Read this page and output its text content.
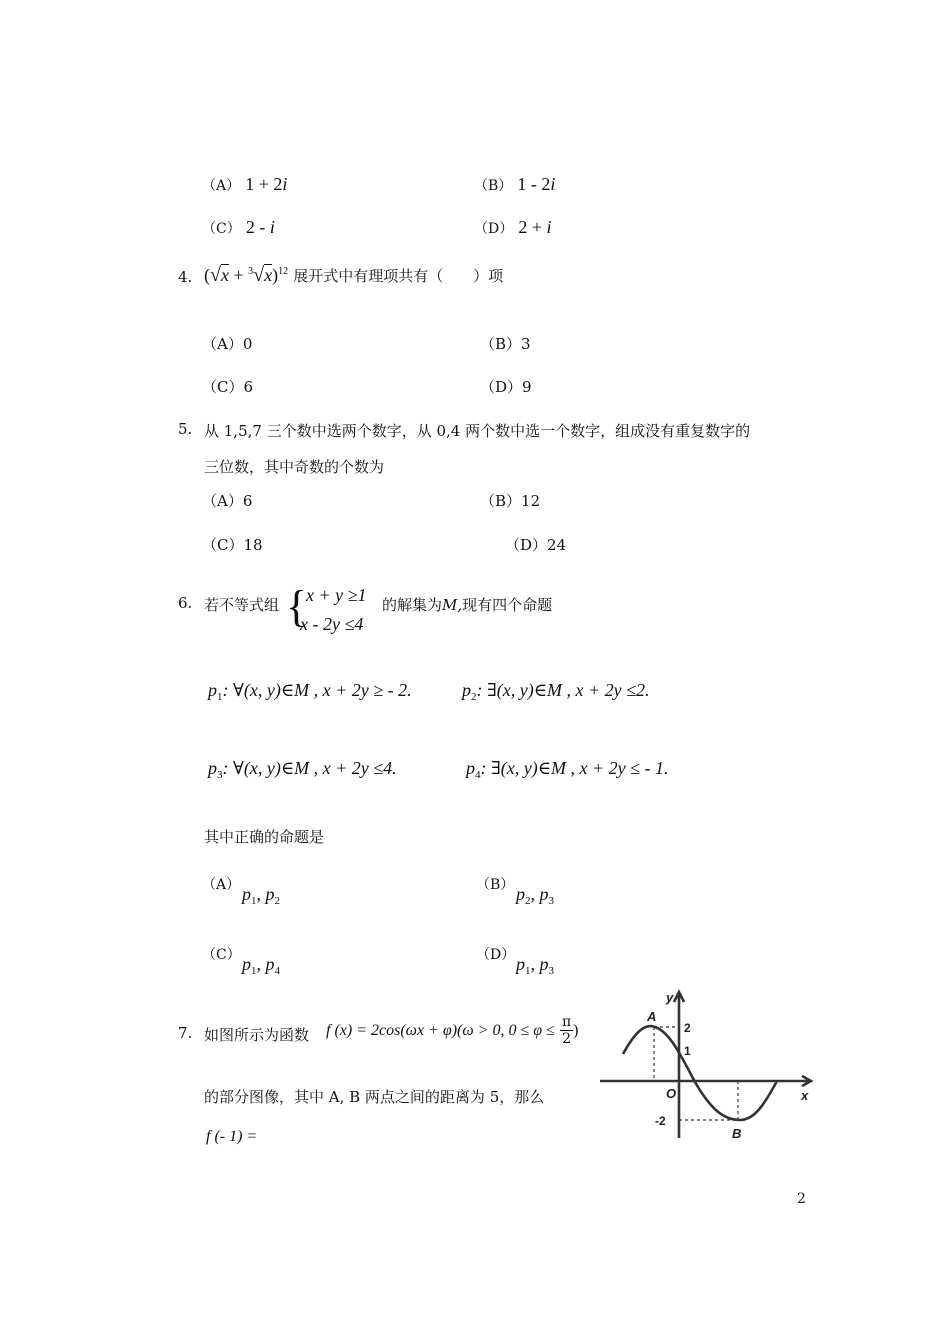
（A） 1 + 2i	（B） 1 - 2i
（C） 2 - i	（D） 2 + i
4. $(√x + ^3√x)^{12}$ 展开式中有理项共有（　　）项
（A）0	（B）3
（C）6	（D）9
5. 从 1,5,7 三个数中选两个数字，从 0,4 两个数中选一个数字，组成没有重复数字的
三位数，其中奇数的个数为
（A）6	（B）12
（C）18	（D）24
6. 若不等式组 {
x + y ≥1
x - 2y ≤4
的解集为M,现有四个命题
$p_1$: ∀(x, y)∈M , x + 2y ≥ - 2.	$p_2$: ∃(x, y)∈M , x + 2y ≤2.
$p_3$: ∀(x, y)∈M , x + 2y ≤4.	$p_4$: ∃(x, y)∈M , x + 2y ≤ - 1.
其中正确的命题是
（A） $p_1$, $p_2$
（B） $p_2$, $p_3$
（C） $p_1$, $p_4$
（D） $p_1$, $p_3$
7. 如图所示为函数 f (x) = 2cos(ωx + φ)(ω > 0, $0 \le \varphi \le \frac{\pi}{2}$ )
的部分图像，其中 A, B 两点之间的距离为 5，那么
f (- 1) =
y
x
O
A
B
2
1
-2
2
